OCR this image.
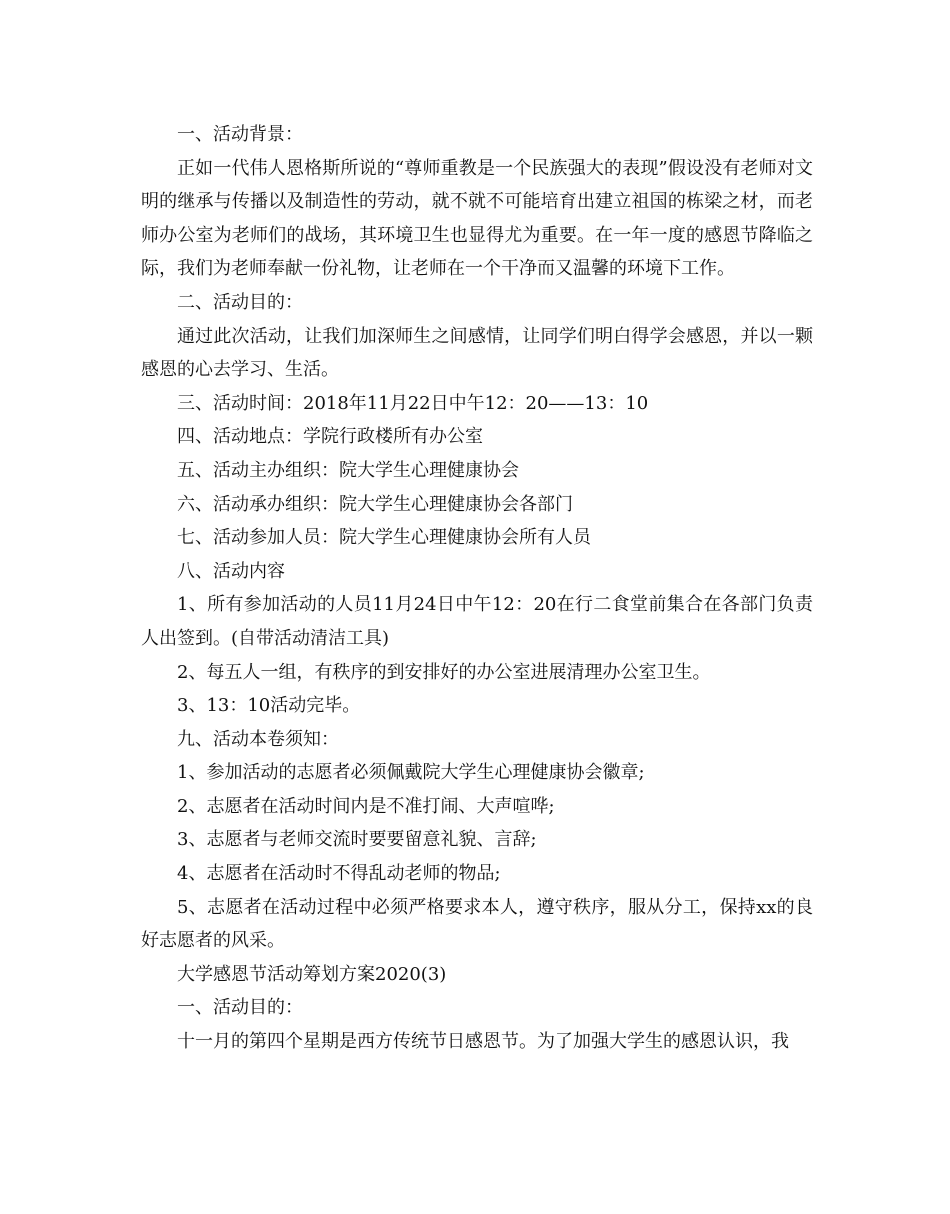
一、活动背景：

正如一代伟人恩格斯所说的“尊师重教是一个民族强大的表现”假设没有老师对文明的继承与传播以及制造性的劳动，就不就不可能培育出建立祖国的栋梁之材，而老师办公室为老师们的战场，其环境卫生也显得尤为重要。在一年一度的感恩节降临之际，我们为老师奉献一份礼物，让老师在一个干净而又温馨的环境下工作。

二、活动目的：

通过此次活动，让我们加深师生之间感情，让同学们明白得学会感恩，并以一颗感恩的心去学习、生活。

三、活动时间：2018年11月22日中午12：20——13：10

四、活动地点：学院行政楼所有办公室

五、活动主办组织：院大学生心理健康协会

六、活动承办组织：院大学生心理健康协会各部门

七、活动参加人员：院大学生心理健康协会所有人员

八、活动内容

1、所有参加活动的人员11月24日中午12：20在行二食堂前集合在各部门负责人出签到。(自带活动清洁工具)

2、每五人一组，有秩序的到安排好的办公室进展清理办公室卫生。

3、13：10活动完毕。

九、活动本卷须知：

1、参加活动的志愿者必须佩戴院大学生心理健康协会徽章;

2、志愿者在活动时间内是不准打闹、大声喧哗;

3、志愿者与老师交流时要要留意礼貌、言辞;

4、志愿者在活动时不得乱动老师的物品;

5、志愿者在活动过程中必须严格要求本人，遵守秩序，服从分工，保持xx的良好志愿者的风采。

大学感恩节活动筹划方案2020(3)

一、活动目的：

十一月的第四个星期是西方传统节日感恩节。为了加强大学生的感恩认识，我
